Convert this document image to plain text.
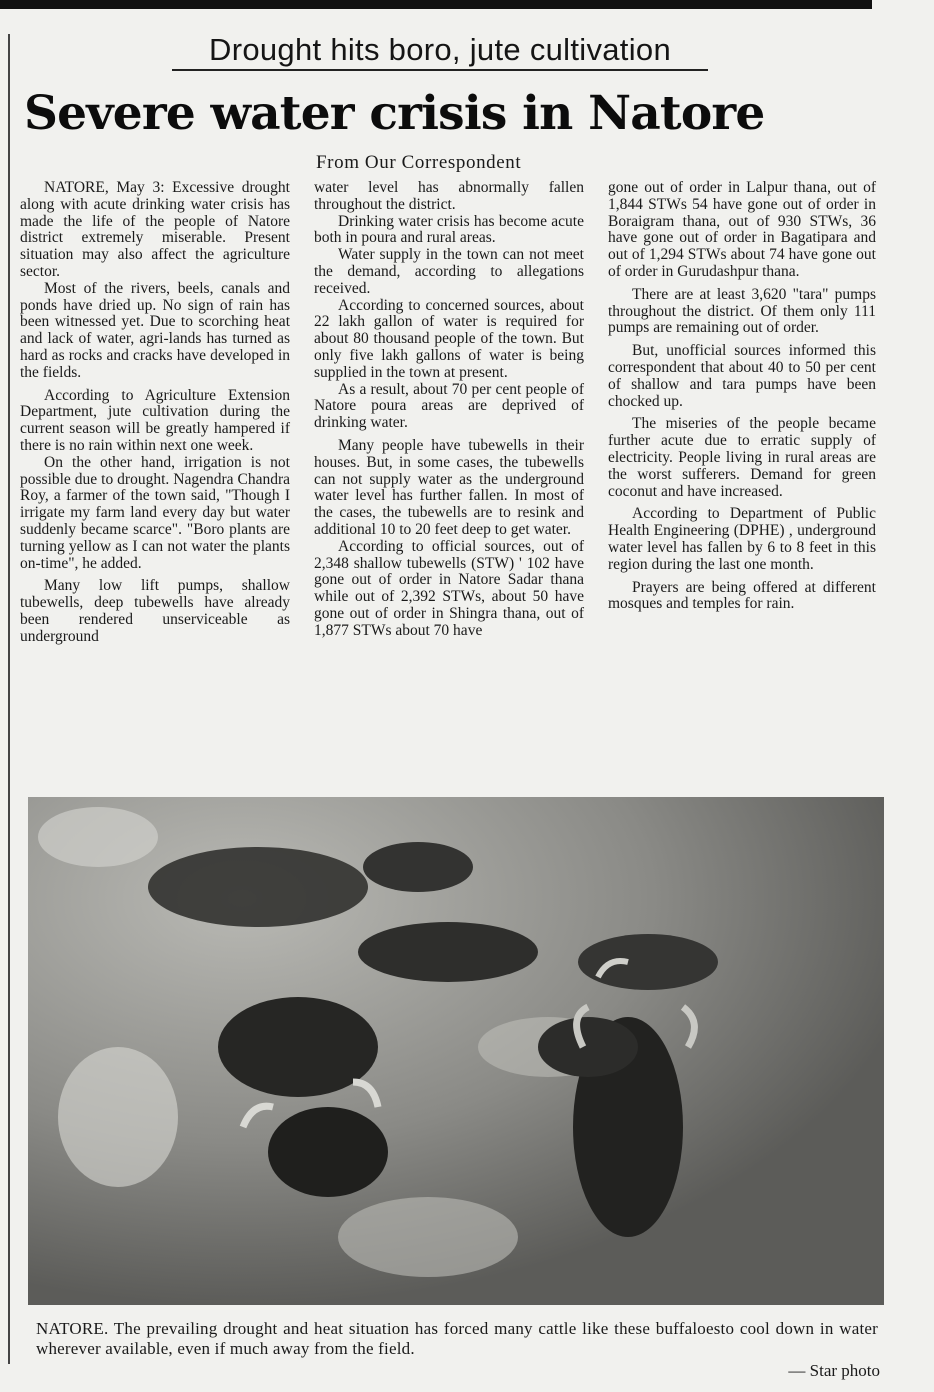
Drought hits boro, jute cultivation
Severe water crisis in Natore
From Our Correspondent

NATORE, May 3: Excessive drought along with acute drinking water crisis has made the life of the people of Natore district extremely miserable. Present situation may also affect the agriculture sector.

Most of the rivers, beels, canals and ponds have dried up. No sign of rain has been witnessed yet. Due to scorching heat and lack of water, agri-lands has turned as hard as rocks and cracks have developed in the fields.

According to Agriculture Extension Department, jute cultivation during the current season will be greatly hampered if there is no rain within next one week.

On the other hand, irrigation is not possible due to drought. Nagendra Chandra Roy, a farmer of the town said, "Though I irrigate my farm land every day but water suddenly became scarce". "Boro plants are turning yellow as I can not water the plants on-time", he added.

Many low lift pumps, shallow tubewells, deep tubewells have already been rendered unserviceable as underground

water level has abnormally fallen throughout the district.

Drinking water crisis has become acute both in poura and rural areas.

Water supply in the town can not meet the demand, according to allegations received.

According to concerned sources, about 22 lakh gallon of water is required for about 80 thousand people of the town. But only five lakh gallons of water is being supplied in the town at present.

As a result, about 70 per cent people of Natore poura areas are deprived of drinking water.

Many people have tubewells in their houses. But, in some cases, the tubewells can not supply water as the underground water level has further fallen. In most of the cases, the tubewells are to resink and additional 10 to 20 feet deep to get water.

According to official sources, out of 2,348 shallow tubewells (STW) ' 102 have gone out of order in Natore Sadar thana while out of 2,392 STWs, about 50 have gone out of order in Shingra thana, out of 1,877 STWs about 70 have

gone out of order in Lalpur thana, out of 1,844 STWs 54 have gone out of order in Boraigram thana, out of 930 STWs, 36 have gone out of order in Bagatipara and out of 1,294 STWs about 74 have gone out of order in Gurudashpur thana.

There are at least 3,620 "tara" pumps throughout the district. Of them only 111 pumps are remaining out of order.

But, unofficial sources informed this correspondent that about 40 to 50 per cent of shallow and tara pumps have been chocked up.

The miseries of the people became further acute due to erratic supply of electricity. People living in rural areas are the worst sufferers. Demand for green coconut and have increased.

According to Department of Public Health Engineering (DPHE) , underground water level has fallen by 6 to 8 feet in this region during the last one month.

Prayers are being offered at different mosques and temples for rain.

NATORE. The prevailing drought and heat situation has forced many cattle like these buffaloesto cool down in water wherever available, even if much away from the field.
— Star photo
